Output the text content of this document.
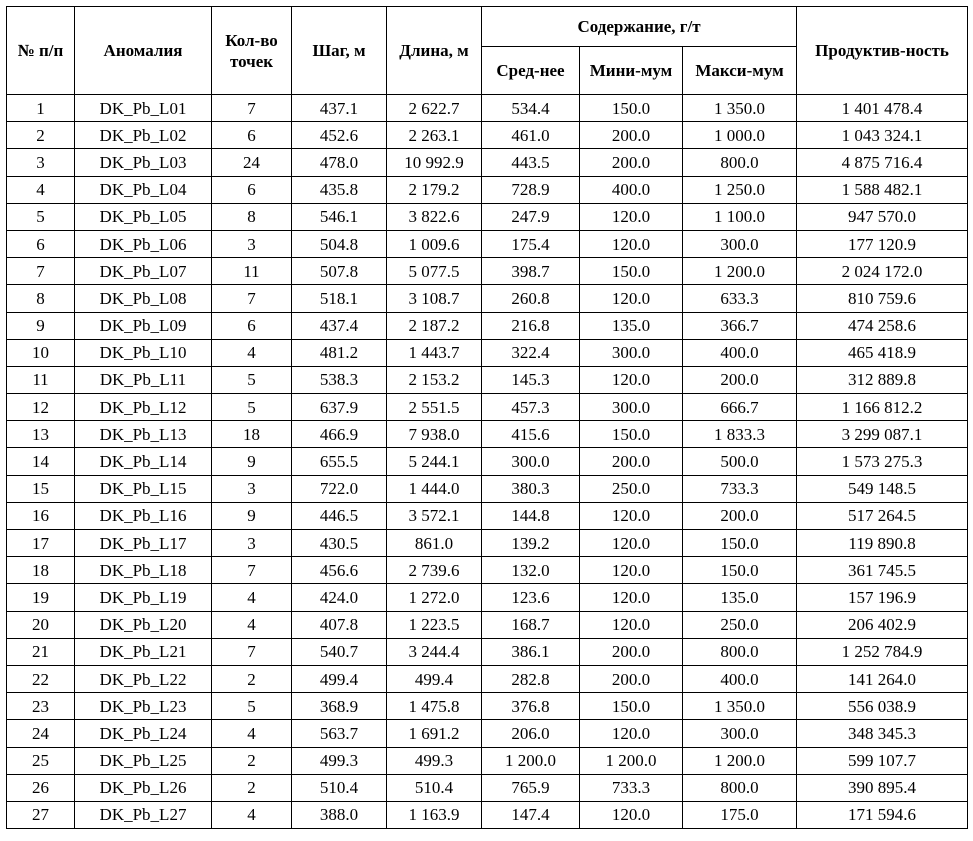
№ п/п	Аномалия	Кол-во точек	Шаг, м	Длина, м	Содержание, г/т			Продуктив-ность
					Сред-нее	Мини-мум	Макси-мум	
1	DK_Pb_L01	7	437.1	2 622.7	534.4	150.0	1 350.0	1 401 478.4
2	DK_Pb_L02	6	452.6	2 263.1	461.0	200.0	1 000.0	1 043 324.1
3	DK_Pb_L03	24	478.0	10 992.9	443.5	200.0	800.0	4 875 716.4
4	DK_Pb_L04	6	435.8	2 179.2	728.9	400.0	1 250.0	1 588 482.1
5	DK_Pb_L05	8	546.1	3 822.6	247.9	120.0	1 100.0	947 570.0
6	DK_Pb_L06	3	504.8	1 009.6	175.4	120.0	300.0	177 120.9
7	DK_Pb_L07	11	507.8	5 077.5	398.7	150.0	1 200.0	2 024 172.0
8	DK_Pb_L08	7	518.1	3 108.7	260.8	120.0	633.3	810 759.6
9	DK_Pb_L09	6	437.4	2 187.2	216.8	135.0	366.7	474 258.6
10	DK_Pb_L10	4	481.2	1 443.7	322.4	300.0	400.0	465 418.9
11	DK_Pb_L11	5	538.3	2 153.2	145.3	120.0	200.0	312 889.8
12	DK_Pb_L12	5	637.9	2 551.5	457.3	300.0	666.7	1 166 812.2
13	DK_Pb_L13	18	466.9	7 938.0	415.6	150.0	1 833.3	3 299 087.1
14	DK_Pb_L14	9	655.5	5 244.1	300.0	200.0	500.0	1 573 275.3
15	DK_Pb_L15	3	722.0	1 444.0	380.3	250.0	733.3	549 148.5
16	DK_Pb_L16	9	446.5	3 572.1	144.8	120.0	200.0	517 264.5
17	DK_Pb_L17	3	430.5	861.0	139.2	120.0	150.0	119 890.8
18	DK_Pb_L18	7	456.6	2 739.6	132.0	120.0	150.0	361 745.5
19	DK_Pb_L19	4	424.0	1 272.0	123.6	120.0	135.0	157 196.9
20	DK_Pb_L20	4	407.8	1 223.5	168.7	120.0	250.0	206 402.9
21	DK_Pb_L21	7	540.7	3 244.4	386.1	200.0	800.0	1 252 784.9
22	DK_Pb_L22	2	499.4	499.4	282.8	200.0	400.0	141 264.0
23	DK_Pb_L23	5	368.9	1 475.8	376.8	150.0	1 350.0	556 038.9
24	DK_Pb_L24	4	563.7	1 691.2	206.0	120.0	300.0	348 345.3
25	DK_Pb_L25	2	499.3	499.3	1 200.0	1 200.0	1 200.0	599 107.7
26	DK_Pb_L26	2	510.4	510.4	765.9	733.3	800.0	390 895.4
27	DK_Pb_L27	4	388.0	1 163.9	147.4	120.0	175.0	171 594.6
